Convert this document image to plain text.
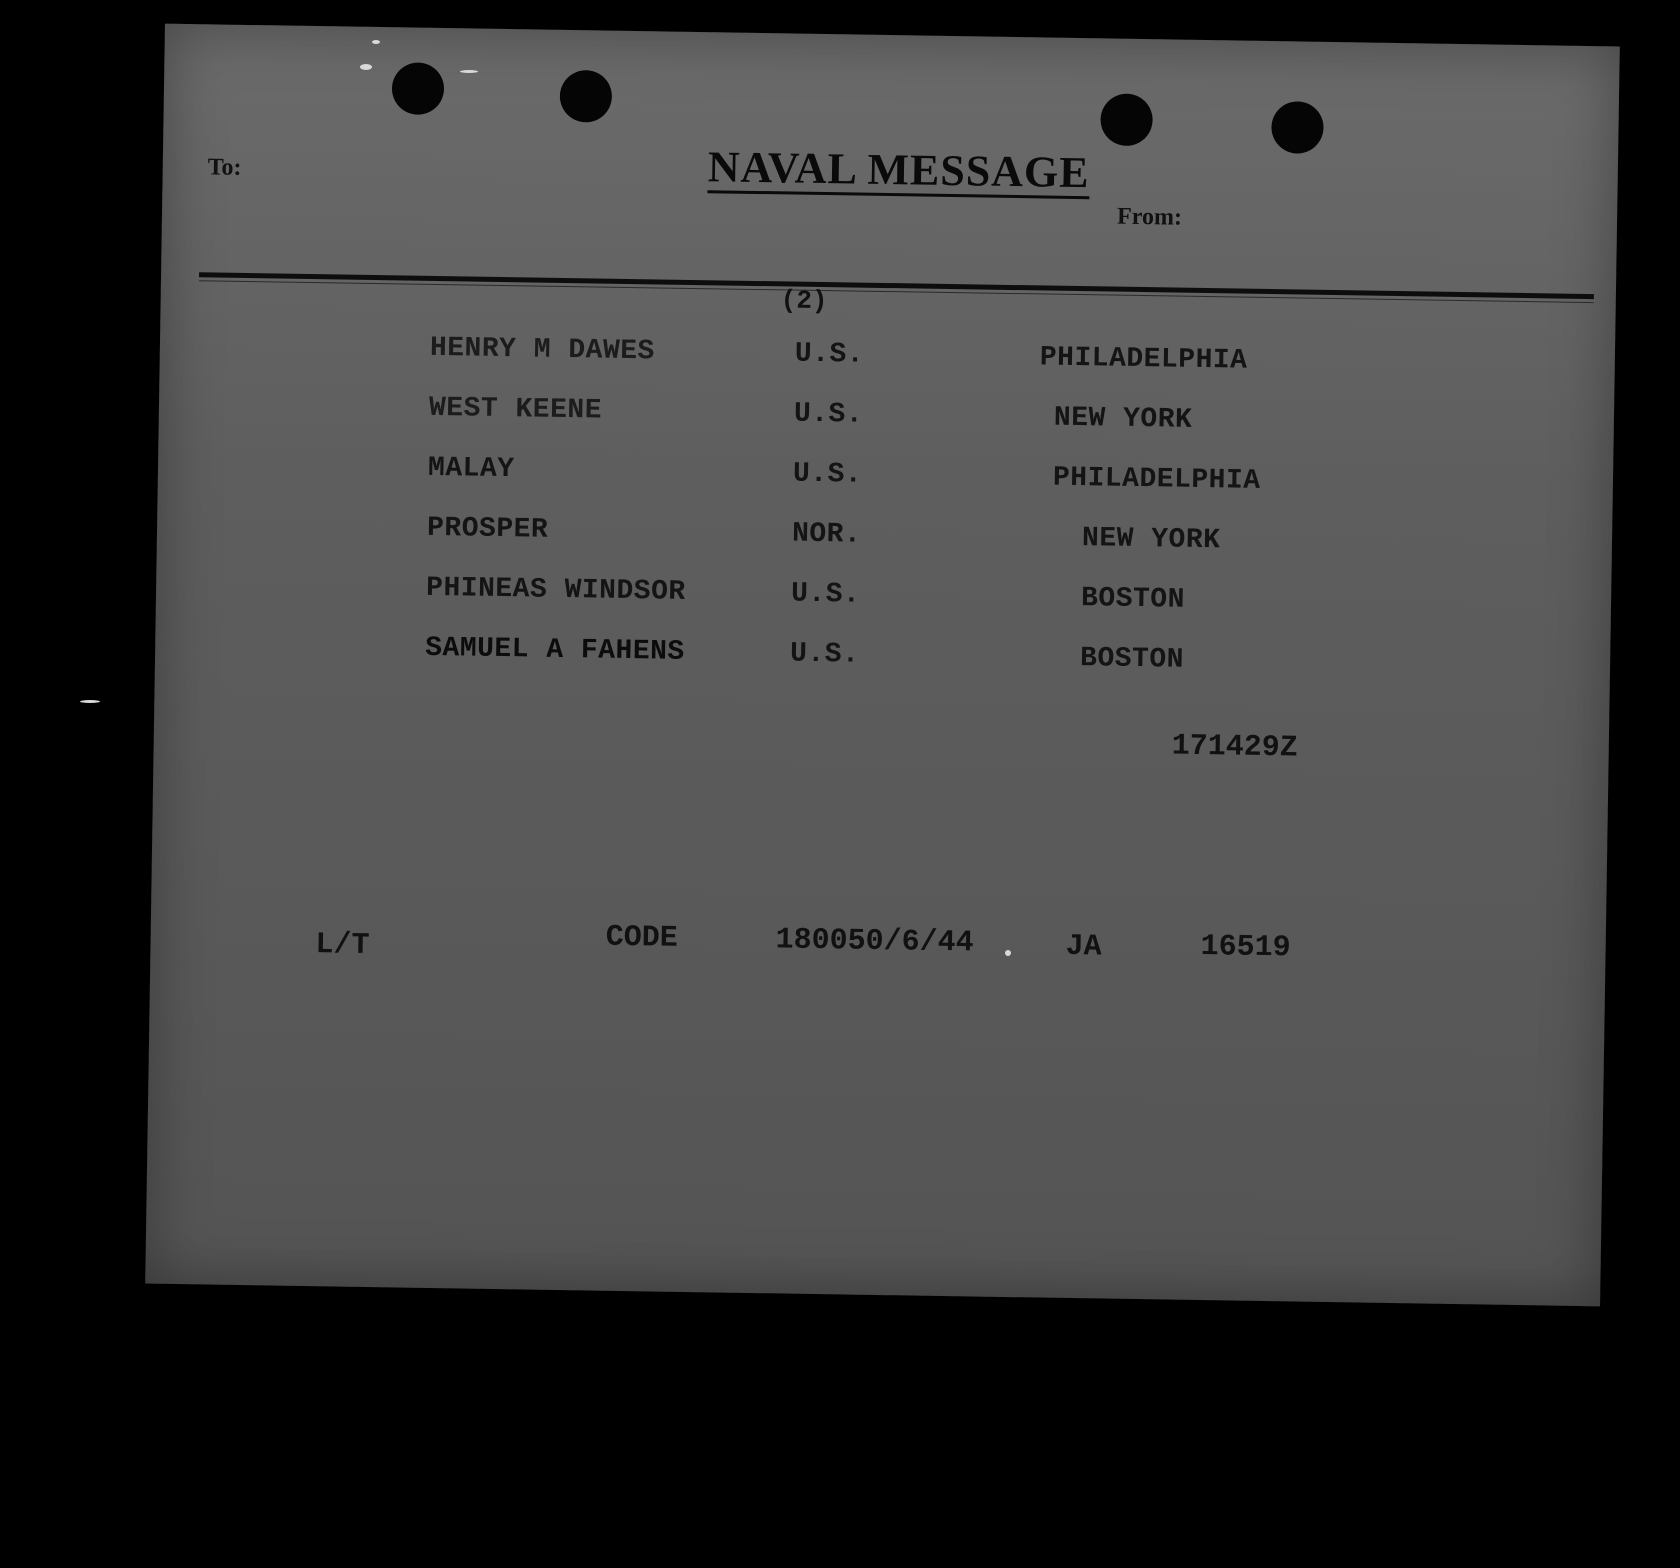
To:	NAVAL MESSAGE
From:
(2)
HENRY M DAWES	U.S.	PHILADELPHIA
WEST KEENE	U.S.	NEW YORK
MALAY	U.S.	PHILADELPHIA
PROSPER	NOR.	NEW YORK
PHINEAS WINDSOR	U.S.	BOSTON
SAMUEL A FAHENS	U.S.	BOSTON
171429Z
L/T	CODE	180050/6/44	JA	16519
